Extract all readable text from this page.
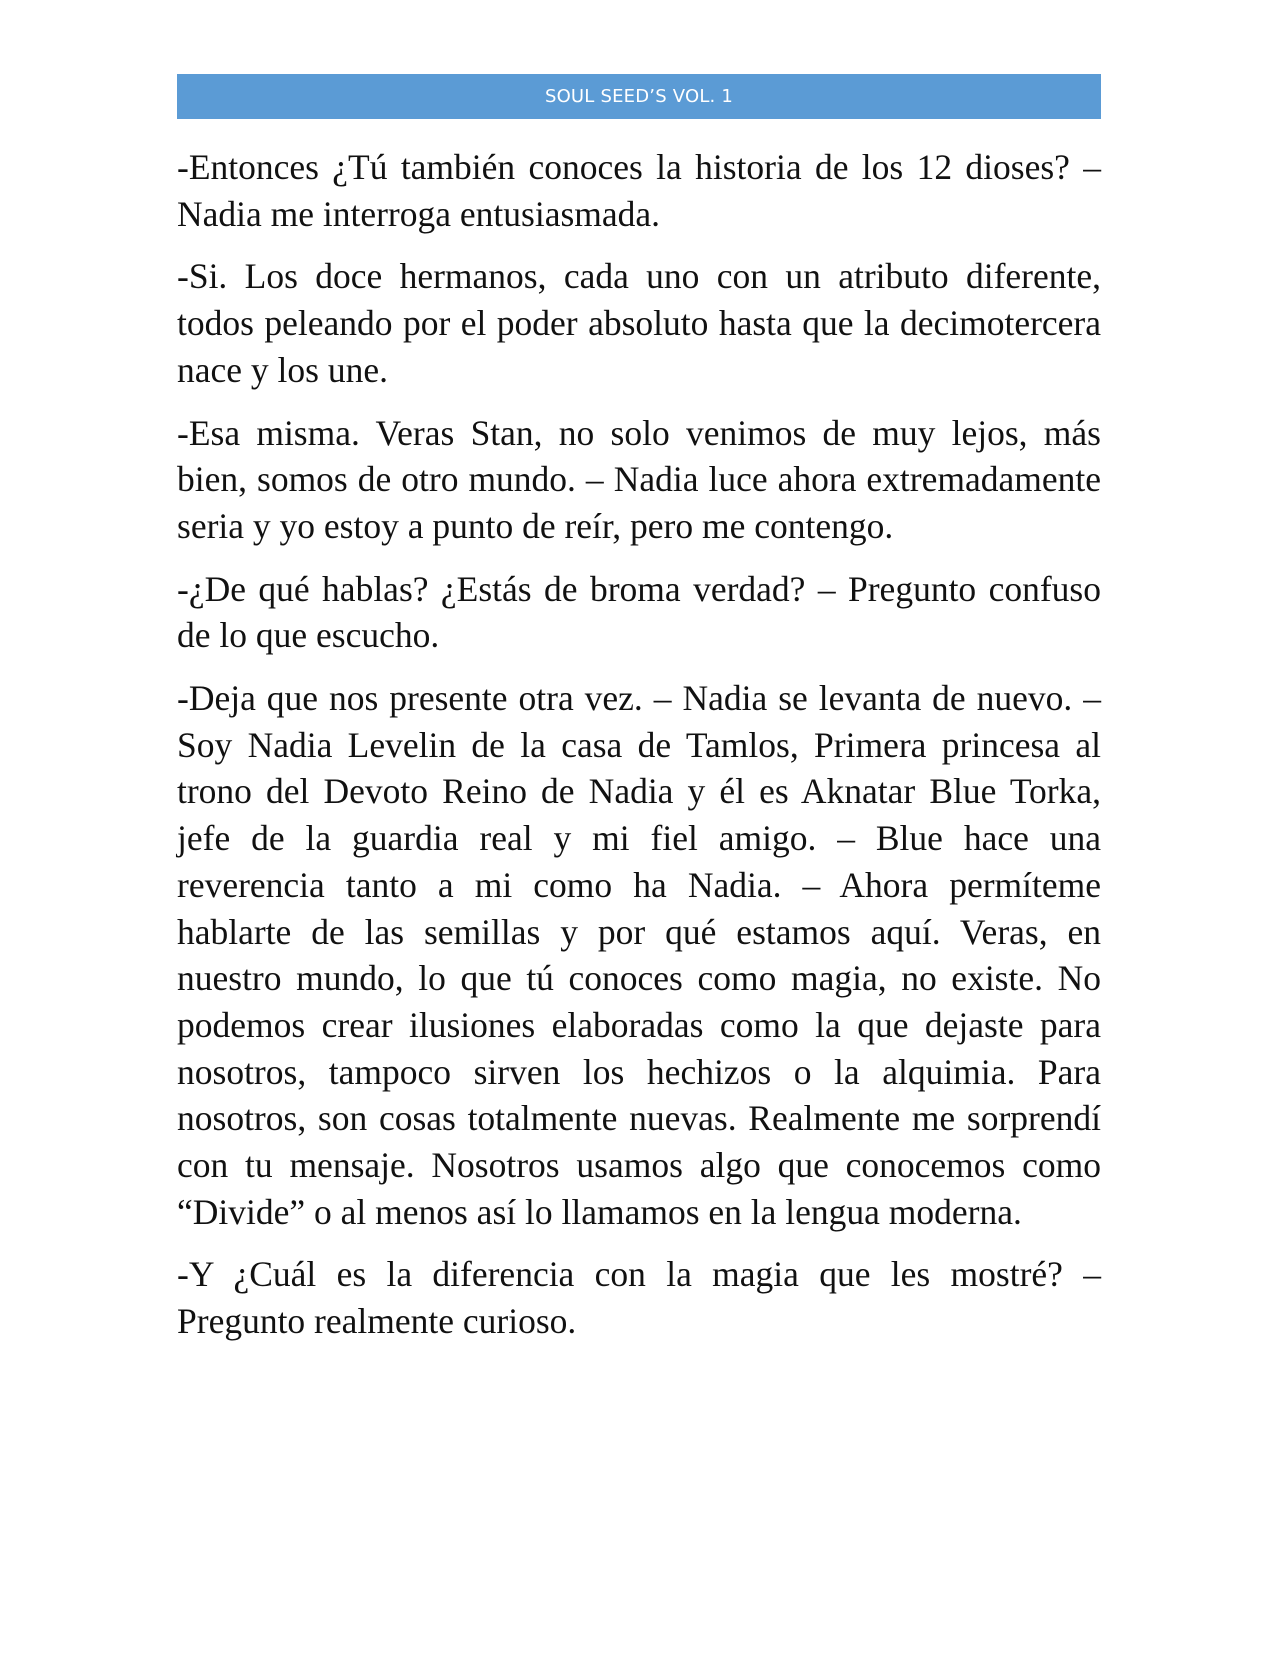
SOUL SEED’S VOL. 1

-Entonces ¿Tú también conoces la historia de los 12 dioses? – Nadia me interroga entusiasmada.

-Si. Los doce hermanos, cada uno con un atributo diferente, todos peleando por el poder absoluto hasta que la decimotercera nace y los une.

-Esa misma. Veras Stan, no solo venimos de muy lejos, más bien, somos de otro mundo. – Nadia luce ahora extremadamente seria y yo estoy a punto de reír, pero me contengo.

-¿De qué hablas? ¿Estás de broma verdad? – Pregunto confuso de lo que escucho.

-Deja que nos presente otra vez. – Nadia se levanta de nuevo. – Soy Nadia Levelin de la casa de Tamlos, Primera princesa al trono del Devoto Reino de Nadia y él es Aknatar Blue Torka, jefe de la guardia real y mi fiel amigo. – Blue hace una reverencia tanto a mi como ha Nadia. – Ahora permíteme hablarte de las semillas y por qué estamos aquí. Veras, en nuestro mundo, lo que tú conoces como magia, no existe. No podemos crear ilusiones elaboradas como la que dejaste para nosotros, tampoco sirven los hechizos o la alquimia. Para nosotros, son cosas totalmente nuevas. Realmente me sorprendí con tu mensaje. Nosotros usamos algo que conocemos como “Divide” o al menos así lo llamamos en la lengua moderna.

-Y ¿Cuál es la diferencia con la magia que les mostré? – Pregunto realmente curioso.
